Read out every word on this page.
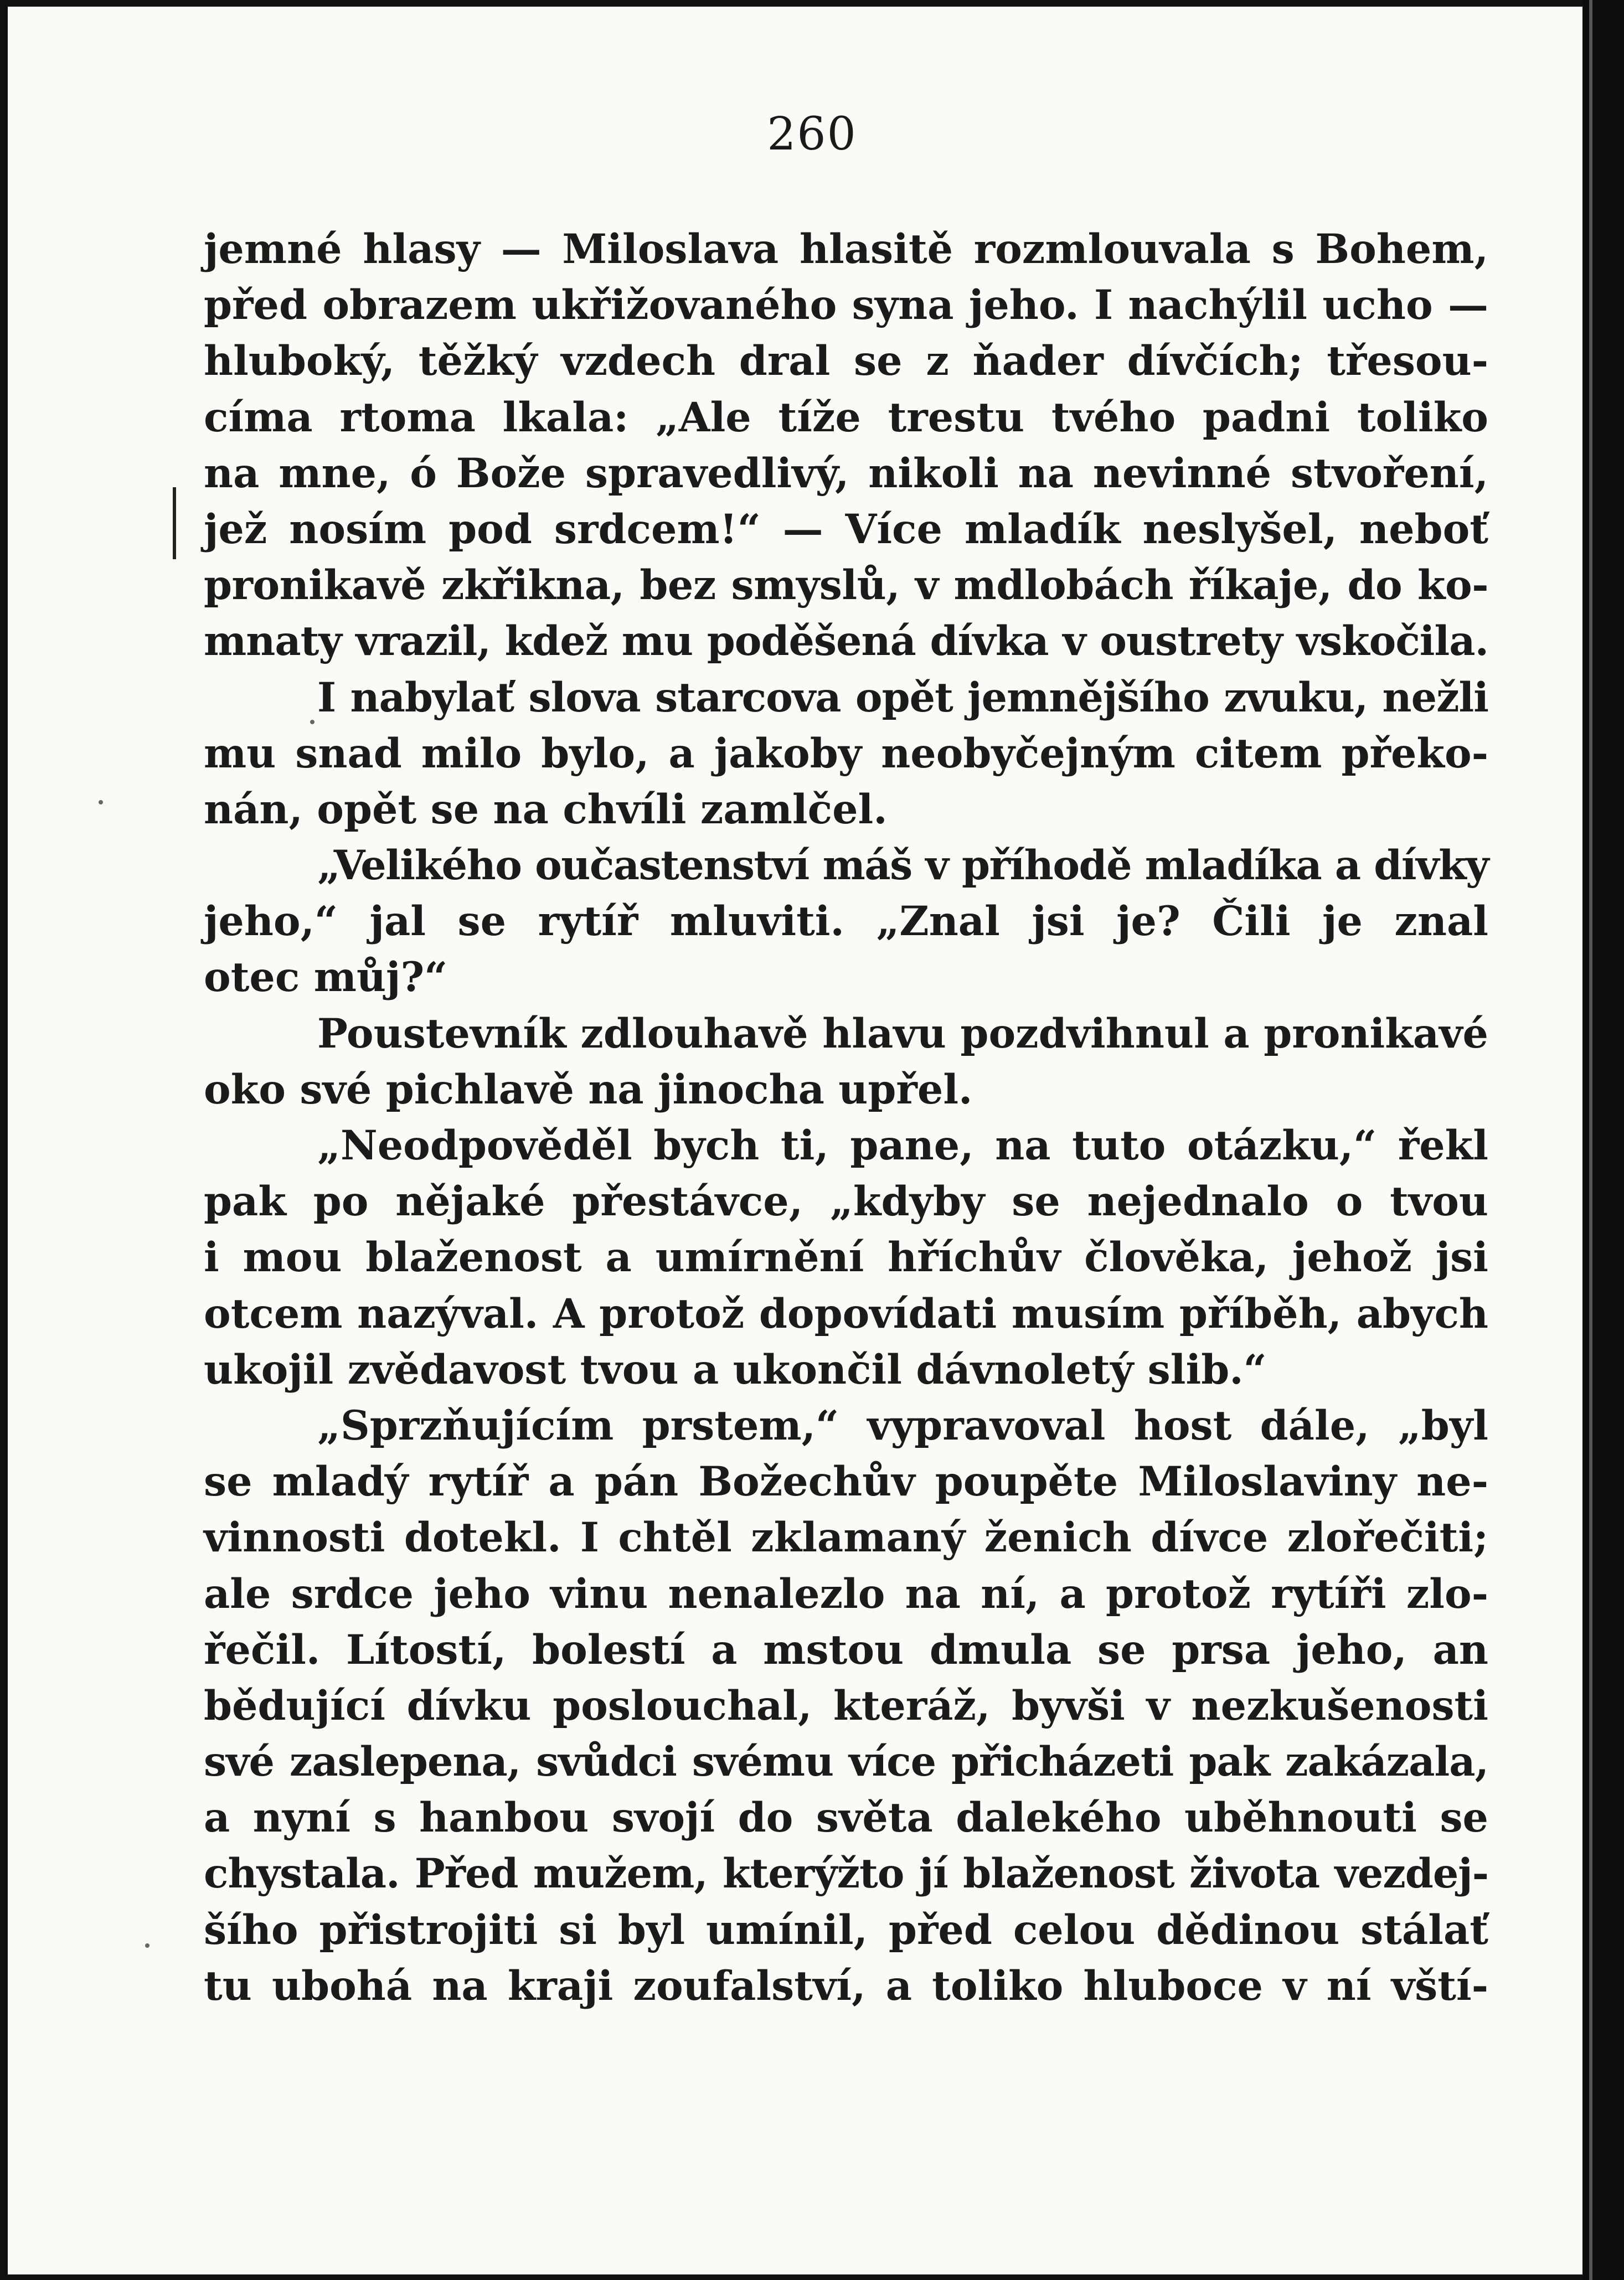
260
jemné hlasy — Miloslava hlasitě rozmlouvala s Bohem,
před obrazem ukřižovaného syna jeho. I nachýlil ucho —
hluboký, těžký vzdech dral se z ňader dívčích; třesou-
címa rtoma lkala: „Ale tíže trestu tvého padni toliko
na mne, ó Bože spravedlivý, nikoli na nevinné stvoření,
jež nosím pod srdcem!“ — Více mladík neslyšel, neboť
pronikavě zkřikna, bez smyslů, v mdlobách říkaje, do ko-
mnaty vrazil, kdež mu poděšená dívka v oustrety vskočila.
I nabylať slova starcova opět jemnějšího zvuku, nežli
mu snad milo bylo, a jakoby neobyčejným citem překo-
nán, opět se na chvíli zamlčel.
„Velikého oučastenství máš v příhodě mladíka a dívky
jeho,“ jal se rytíř mluviti. „Znal jsi je? Čili je znal
otec můj?“
Poustevník zdlouhavě hlavu pozdvihnul a pronikavé
oko své pichlavě na jinocha upřel.
„Neodpověděl bych ti, pane, na tuto otázku,“ řekl
pak po nějaké přestávce, „kdyby se nejednalo o tvou
i mou blaženost a umírnění hříchův člověka, jehož jsi
otcem nazýval. A protož dopovídati musím příběh, abych
ukojil zvědavost tvou a ukončil dávnoletý slib.“
„Sprzňujícím prstem,“ vypravoval host dále, „byl
se mladý rytíř a pán Božechův poupěte Miloslaviny ne-
vinnosti dotekl. I chtěl zklamaný ženich dívce zlořečiti;
ale srdce jeho vinu nenalezlo na ní, a protož rytíři zlo-
řečil. Lítostí, bolestí a mstou dmula se prsa jeho, an
bědující dívku poslouchal, kteráž, byvši v nezkušenosti
své zaslepena, svůdci svému více přicházeti pak zakázala,
a nyní s hanbou svojí do světa dalekého uběhnouti se
chystala. Před mužem, kterýžto jí blaženost života vezdej-
šího přistrojiti si byl umínil, před celou dědinou stálať
tu ubohá na kraji zoufalství, a toliko hluboce v ní vští-
